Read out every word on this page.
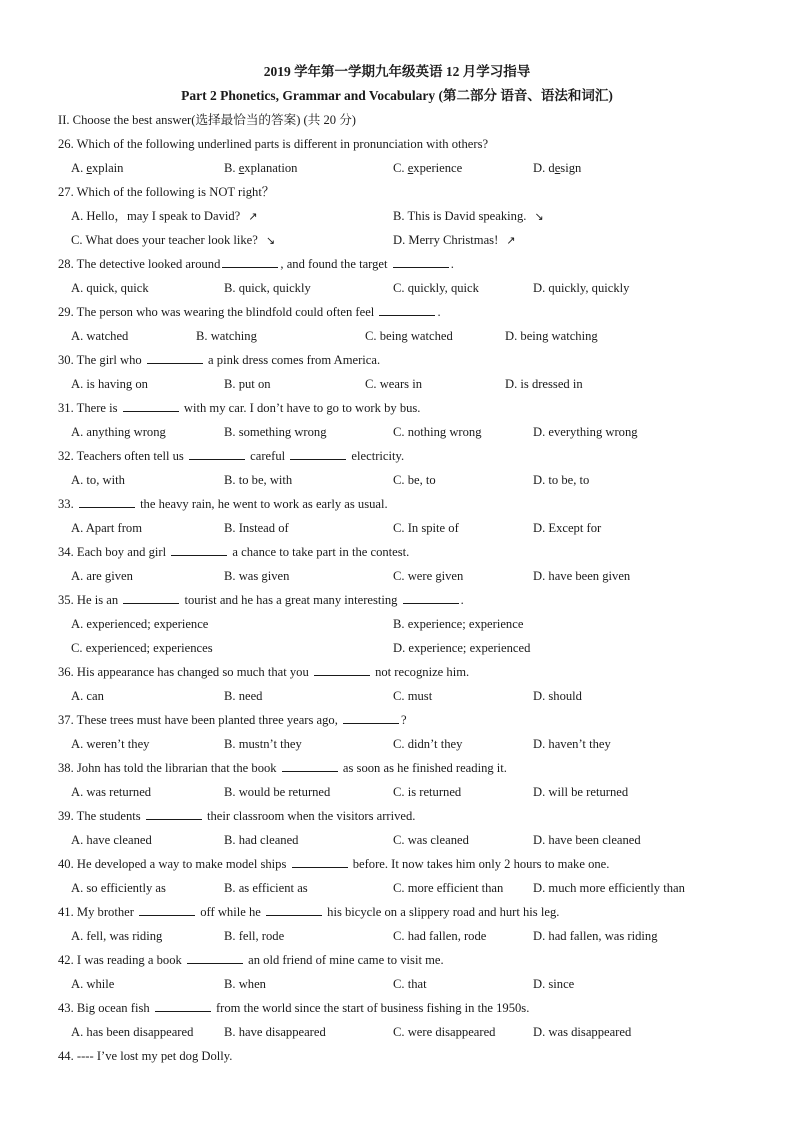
2019 学年第一学期九年级英语 12 月学习指导
Part 2 Phonetics, Grammar and Vocabulary (第二部分 语音、语法和词汇)
II. Choose the best answer(选择最恰当的答案) (共 20 分)
26. Which of the following underlined parts is different in pronunciation with others?
A. explain	B. explanation	C. experience	D. design
27. Which of the following is NOT right？
A. Hello，may I speak to David? ↗	B. This is David speaking. ↘
C. What does your teacher look like? ↘	D. Merry Christmas! ↗
28. The detective looked around	, and found the target	.
A. quick, quick	B. quick, quickly	C. quickly, quick	D. quickly, quickly
29. The person who was wearing the blindfold could often feel	.
A. watched	B. watching	C. being watched	D. being watching
30. The girl who	a pink dress comes from America.
A. is having on	B. put on	C. wears in	D. is dressed in
31. There is	with my car. I don’t have to go to work by bus.
A. anything wrong	B. something wrong	C. nothing wrong	D. everything wrong
32. Teachers often tell us	careful	electricity.
A. to, with	B. to be, with	C. be, to	D. to be, to
33.	the heavy rain, he went to work as early as usual.
A. Apart from	B. Instead of	C. In spite of	D. Except for
34. Each boy and girl	a chance to take part in the contest.
A. are given	B. was given	C. were given	D. have been given
35. He is an	tourist and he has a great many interesting	.
A. experienced; experience	B. experience; experience
C. experienced; experiences	D. experience; experienced
36. His appearance has changed so much that you	not recognize him.
A. can	B. need	C. must	D. should
37. These trees must have been planted three years ago,	?
A. weren’t they	B. mustn’t they	C. didn’t they	D. haven’t they
38. John has told the librarian that the book	as soon as he finished reading it.
A. was returned	B. would be returned	C. is returned	D. will be returned
39. The students	their classroom when the visitors arrived.
A. have cleaned	B. had cleaned	C. was cleaned	D. have been cleaned
40. He developed a way to make model ships	before. It now takes him only 2 hours to make one.
A. so efficiently as	B. as efficient as	C. more efficient than D. much more efficiently than
41. My brother	off while he	his bicycle on a slippery road and hurt his leg.
A. fell, was riding	B. fell, rode	C. had fallen, rode	D. had fallen, was riding
42. I was reading a book	an old friend of mine came to visit me.
A. while	B. when	C. that	D. since
43. Big ocean fish	from the world since the start of business fishing in the 1950s.
A. has been disappeared B. have disappeared	C. were disappeared	D. was disappeared
44. ---- I’ve lost my pet dog Dolly.
